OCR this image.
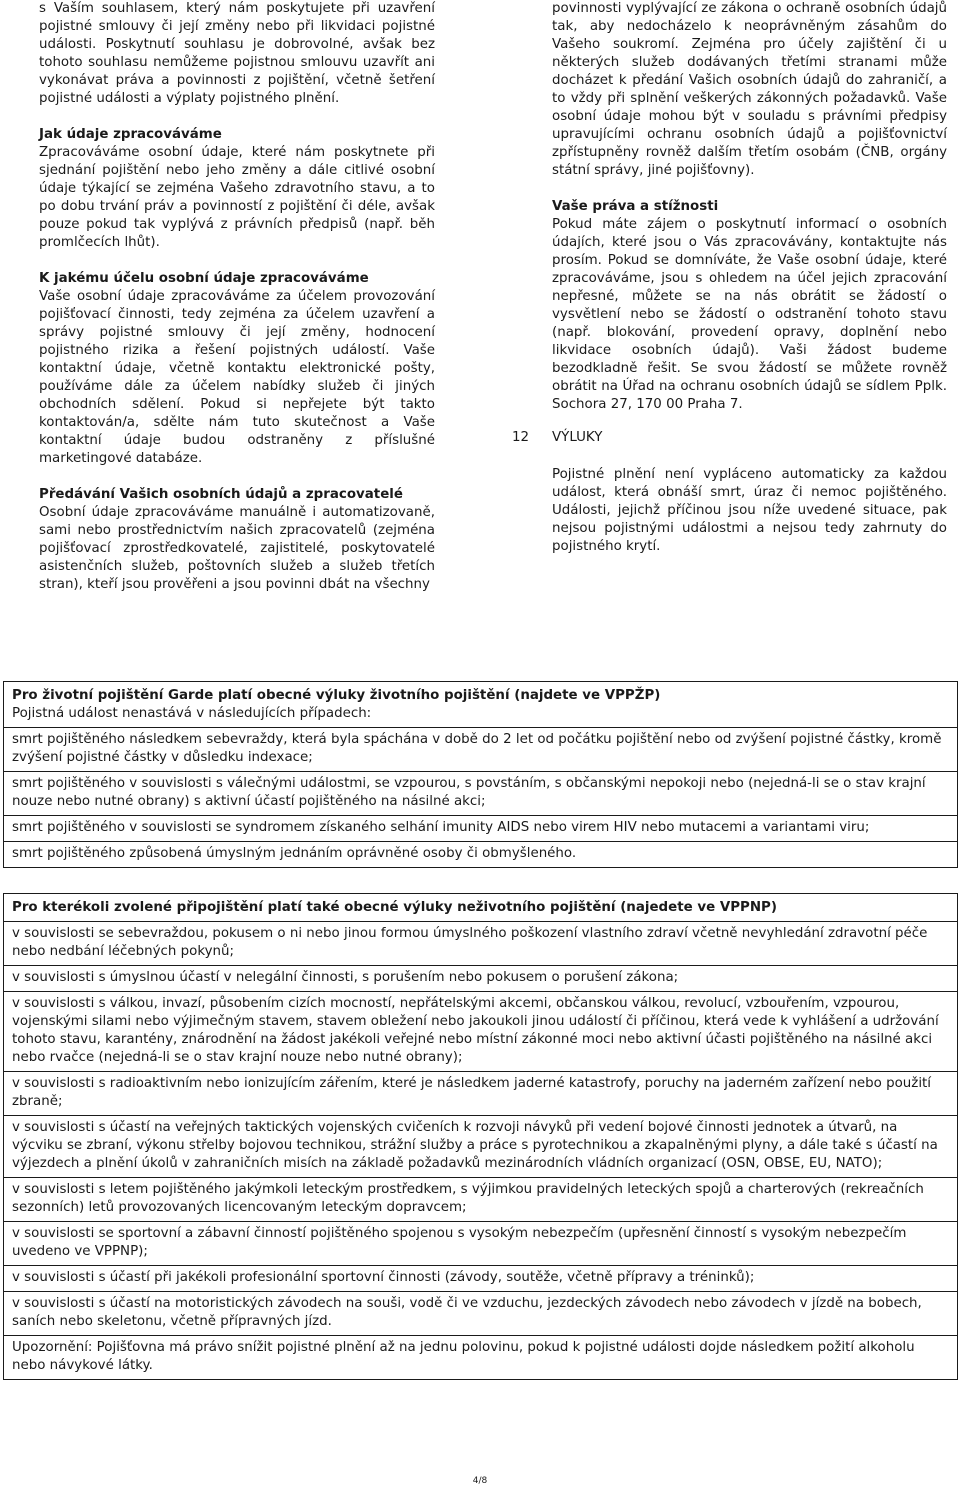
s Vaším souhlasem, který nám poskytujete při uzavření pojistné smlouvy či její změny nebo při likvidaci pojistné události. Poskytnutí souhlasu je dobrovolné, avšak bez tohoto souhlasu nemůžeme pojistnou smlouvu uzavřít ani vykonávat práva a povinnosti z pojištění, včetně šetření pojistné události a výplaty pojistného plnění.

Jak údaje zpracováváme

Zpracováváme osobní údaje, které nám poskytnete při sjednání pojištění nebo jeho změny a dále citlivé osobní údaje týkající se zejména Vašeho zdravotního stavu, a to po dobu trvání práv a povinností z pojištění či déle, avšak pouze pokud tak vyplývá z právních předpisů (např. běh promlčecích lhůt).

K jakému účelu osobní údaje zpracováváme

Vaše osobní údaje zpracováváme za účelem provozování pojišťovací činnosti, tedy zejména za účelem uzavření a správy pojistné smlouvy či její změny, hodnocení pojistného rizika a řešení pojistných událostí. Vaše kontaktní údaje, včetně kontaktu elektronické pošty, používáme dále za účelem nabídky služeb či jiných obchodních sdělení. Pokud si nepřejete být takto kontaktován/a, sdělte nám tuto skutečnost a Vaše kontaktní údaje budou odstraněny z příslušné marketingové databáze.

Předávání Vašich osobních údajů a zpracovatelé

Osobní údaje zpracováváme manuálně i automatizovaně, sami nebo prostřednictvím našich zpracovatelů (zejména pojišťovací zprostředkovatelé, zajistitelé, poskytovatelé asistenčních služeb, poštovních služeb a služeb třetích stran), kteří jsou prověřeni a jsou povinni dbát na všechny

povinnosti vyplývající ze zákona o ochraně osobních údajů tak, aby nedocházelo k neoprávněným zásahům do Vašeho soukromí. Zejména pro účely zajištění či u některých služeb dodávaných třetími stranami může docházet k předání Vašich osobních údajů do zahraničí, a to vždy při splnění veškerých zákonných požadavků. Vaše osobní údaje mohou být v souladu s právními předpisy upravujícími ochranu osobních údajů a pojišťovnictví zpřístupněny rovněž dalším třetím osobám (ČNB, orgány státní správy, jiné pojišťovny).

Vaše práva a stížnosti

Pokud máte zájem o poskytnutí informací o osobních údajích, které jsou o Vás zpracovávány, kontaktujte nás prosím. Pokud se domníváte, že Vaše osobní údaje, které zpracováváme, jsou s ohledem na účel jejich zpracování nepřesné, můžete se na nás obrátit se žádostí o vysvětlení nebo se žádostí o odstranění tohoto stavu (např. blokování, provedení opravy, doplnění nebo likvidace osobních údajů). Vaši žádost budeme bezodkladně řešit. Se svou žádostí se můžete rovněž obrátit na Úřad na ochranu osobních údajů se sídlem Pplk. Sochora 27, 170 00 Praha 7.

12 VÝLUKY

Pojistné plnění není vypláceno automaticky za každou událost, která obnáší smrt, úraz či nemoc pojištěného. Události, jejichž příčinou jsou níže uvedené situace, pak nejsou pojistnými událostmi a nejsou tedy zahrnuty do pojistného krytí.

Pro životní pojištění Garde platí obecné výluky životního pojištění (najdete ve VPPŽP)
Pojistná událost nenastává v následujících případech:
smrt pojištěného následkem sebevraždy, která byla spáchána v době do 2 let od počátku pojištění nebo od zvýšení pojistné částky, kromě zvýšení pojistné částky v důsledku indexace;
smrt pojištěného v souvislosti s válečnými událostmi, se vzpourou, s povstáním, s občanskými nepokoji nebo (nejedná-li se o stav krajní nouze nebo nutné obrany) s aktivní účastí pojištěného na násilné akci;
smrt pojištěného v souvislosti se syndromem získaného selhání imunity AIDS nebo virem HIV nebo mutacemi a variantami viru;
smrt pojištěného způsobená úmyslným jednáním oprávněné osoby či obmyšleného.
Pro kterékoli zvolené připojištění platí také obecné výluky neživotního pojištění (najedete ve VPPNP)

v souvislosti se sebevraždou, pokusem o ni nebo jinou formou úmyslného poškození vlastního zdraví včetně nevyhledání zdravotní péče nebo nedbání léčebných pokynů;
v souvislosti s úmyslnou účastí v nelegální činnosti, s porušením nebo pokusem o porušení zákona;
v souvislosti s válkou, invazí, působením cizích mocností, nepřátelskými akcemi, občanskou válkou, revolucí, vzbouřením, vzpourou, vojenskými silami nebo výjimečným stavem, stavem obležení nebo jakoukoli jinou událostí či příčinou, která vede k vyhlášení a udržování tohoto stavu, karantény, znárodnění na žádost jakékoli veřejné nebo místní zákonné moci nebo aktivní účasti pojištěného na násilné akci nebo rvačce (nejedná-li se o stav krajní nouze nebo nutné obrany);
v souvislosti s radioaktivním nebo ionizujícím zářením, které je následkem jaderné katastrofy, poruchy na jaderném zařízení nebo použití zbraně;
v souvislosti s účastí na veřejných taktických vojenských cvičeních k rozvoji návyků při vedení bojové činnosti jednotek a útvarů, na výcviku se zbraní, výkonu střelby bojovou technikou, strážní služby a práce s pyrotechnikou a zkapalněnými plyny, a dále také s účastí na výjezdech a plnění úkolů v zahraničních misích na základě požadavků mezinárodních vládních organizací (OSN, OBSE, EU, NATO);
v souvislosti s letem pojištěného jakýmkoli leteckým prostředkem, s výjimkou pravidelných leteckých spojů a charterových (rekreačních sezonních) letů provozovaných licencovaným leteckým dopravcem;
v souvislosti se sportovní a zábavní činností pojištěného spojenou s vysokým nebezpečím (upřesnění činností s vysokým nebezpečím uvedeno ve VPPNP);
v souvislosti s účastí při jakékoli profesionální sportovní činnosti (závody, soutěže, včetně přípravy a tréninků);
v souvislosti s účastí na motoristických závodech na souši, vodě či ve vzduchu, jezdeckých závodech nebo závodech v jízdě na bobech, saních nebo skeletonu, včetně přípravných jízd.
Upozornění: Pojišťovna má právo snížit pojistné plnění až na jednu polovinu, pokud k pojistné události dojde následkem požití alkoholu nebo návykové látky.
4/8
